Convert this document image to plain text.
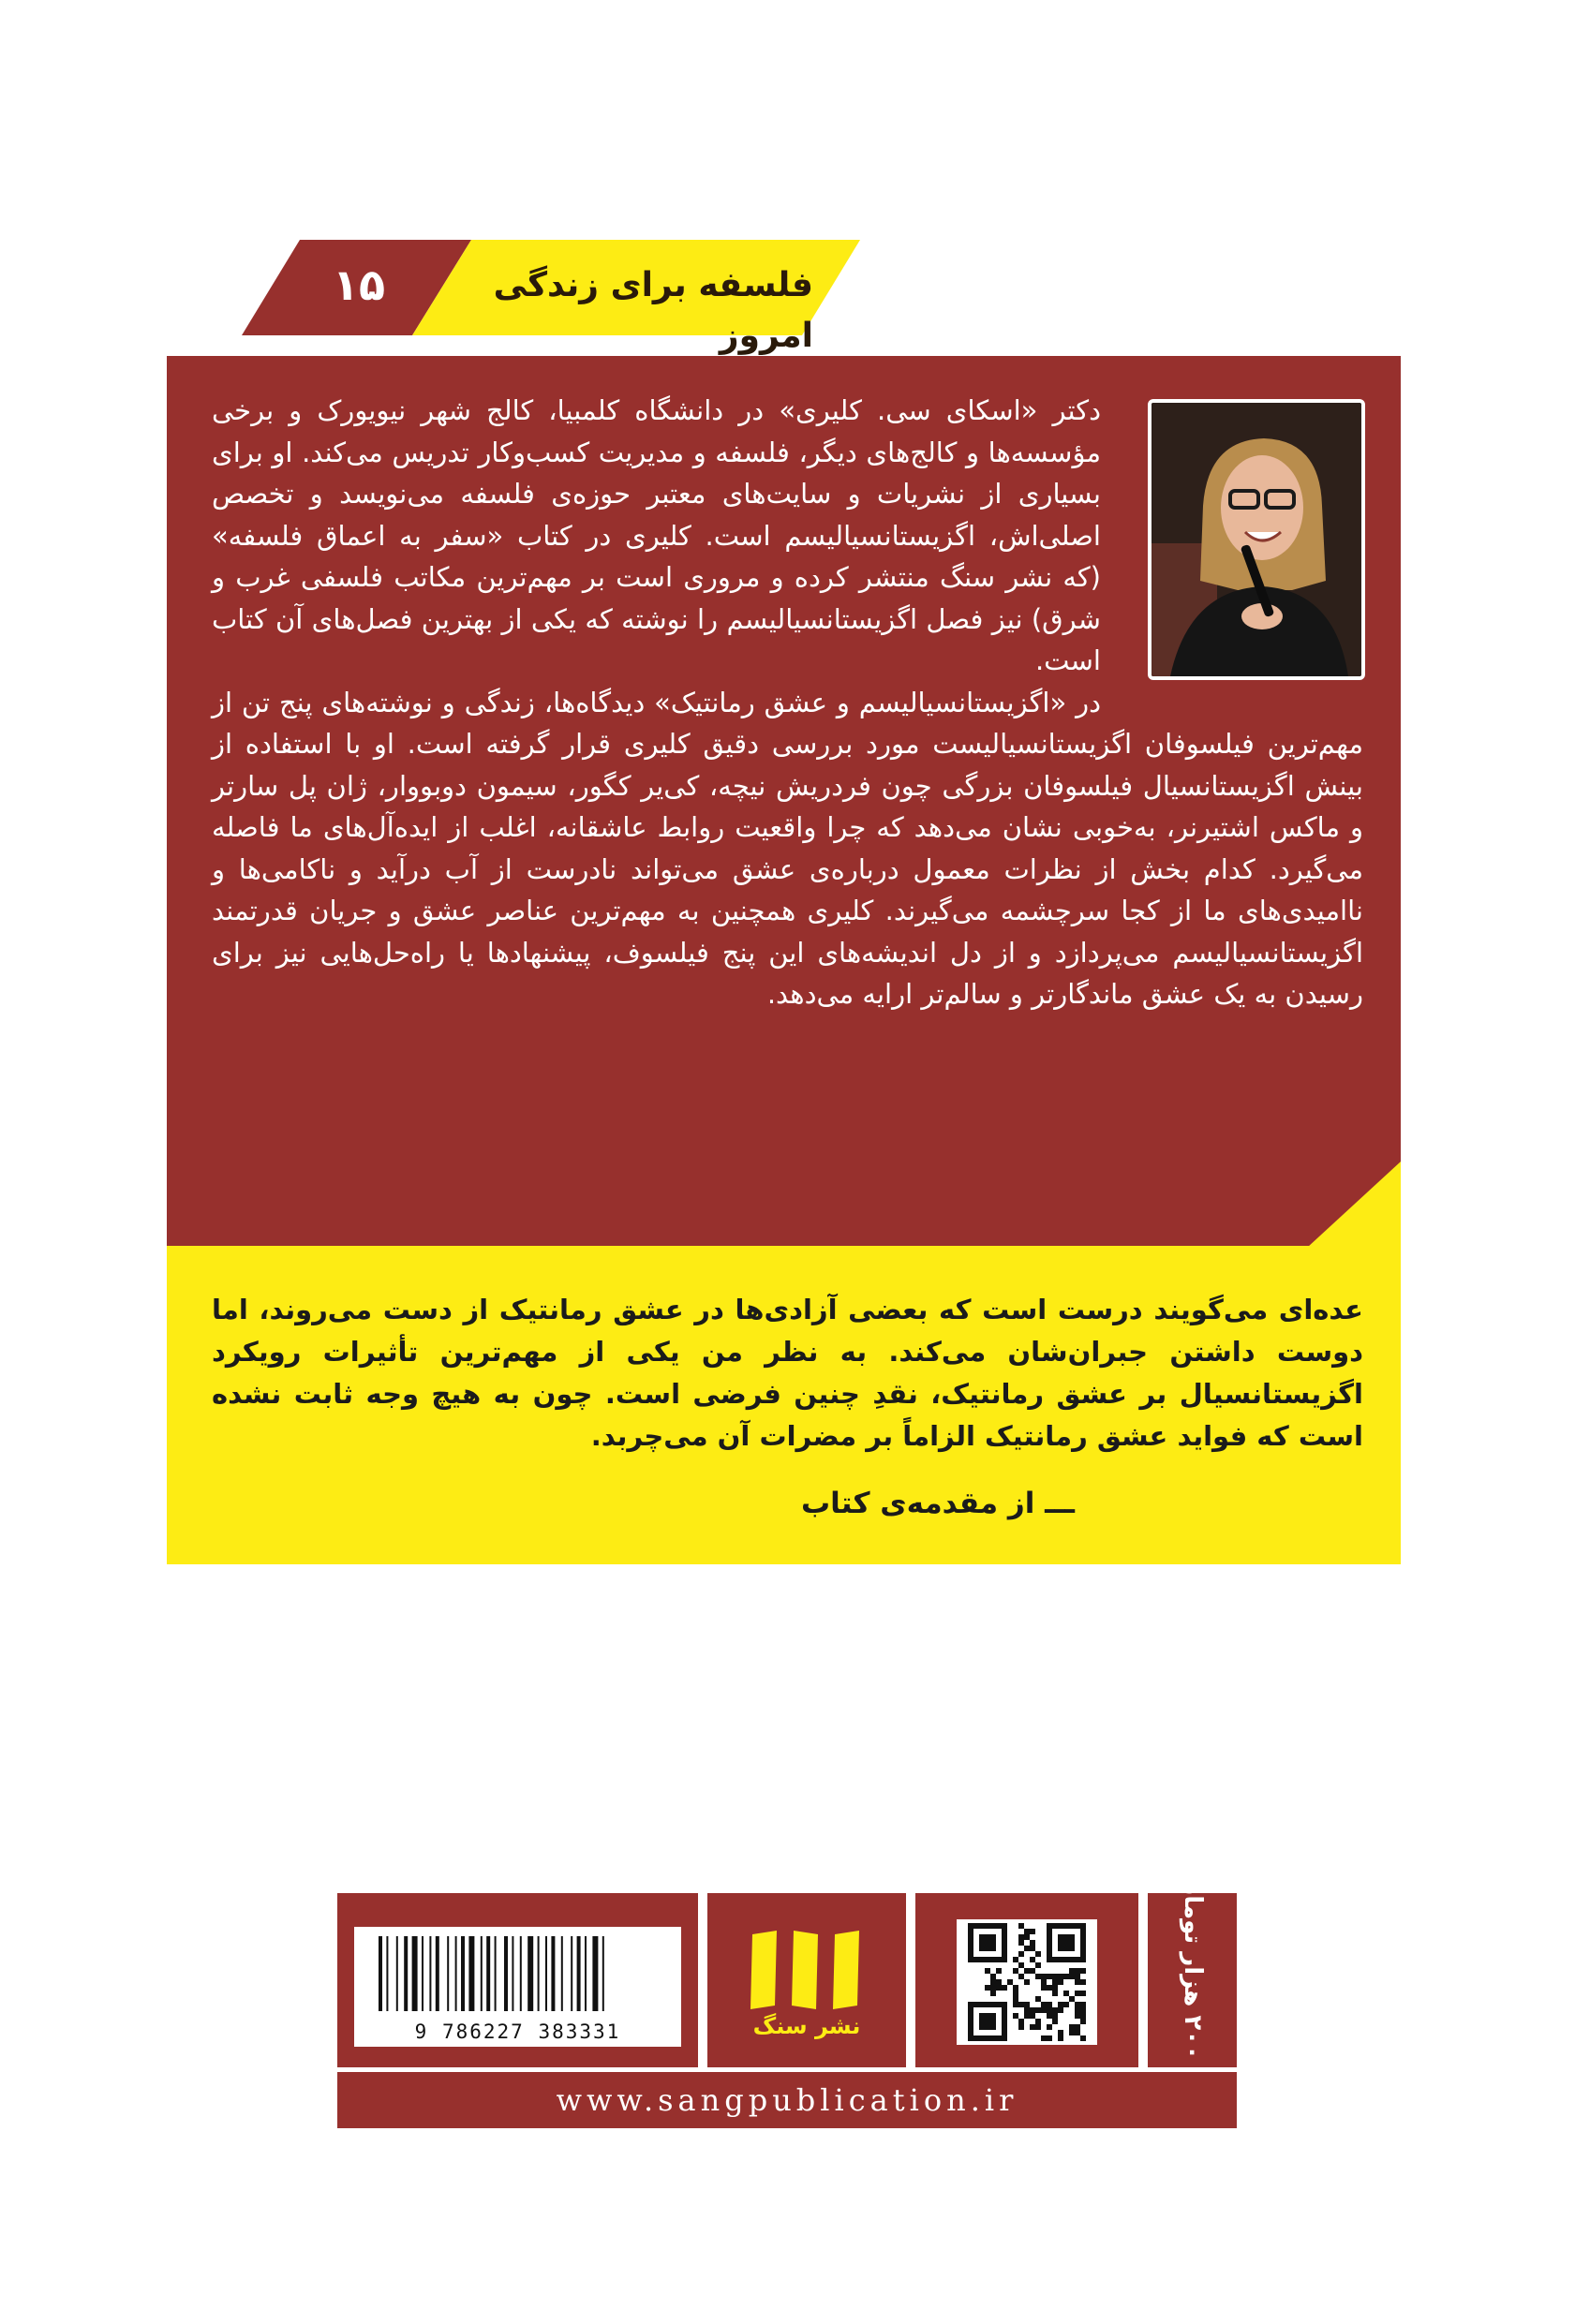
۱۵	فلسفه برای زندگی امروز

دکتر «اسکای سی. کلیری» در دانشگاه کلمبیا، کالج شهر نیویورک و برخی مؤسسه‌ها و کالج‌های دیگر، فلسفه و مدیریت کسب‌وکار تدریس می‌کند. او برای بسیاری از نشریات و سایت‌های معتبر حوزه‌ی فلسفه می‌نویسد و تخصص اصلی‌اش، اگزیستانسیالیسم است. کلیری در کتاب «سفر به اعماق فلسفه» (که نشر سنگ منتشر کرده و مروری است بر مهم‌ترین مکاتب فلسفی غرب و شرق) نیز فصل اگزیستانسیالیسم را نوشته که یکی از بهترین فصل‌های آن کتاب است.

در «اگزیستانسیالیسم و عشق رمانتیک» دیدگاه‌ها، زندگی و نوشته‌های پنج تن از مهم‌ترین فیلسوفان اگزیستانسیالیست مورد بررسی دقیق کلیری قرار گرفته است. او با استفاده از بینش اگزیستانسیال فیلسوفان بزرگی چون فردریش نیچه، کی‌یر کگور، سیمون دوبووار، ژان پل سارتر و ماکس اشتیرنر، به‌خوبی نشان می‌دهد که چرا واقعیت روابط عاشقانه، اغلب از ایده‌آل‌های ما فاصله می‌گیرد. کدام بخش از نظرات معمول درباره‌ی عشق می‌تواند نادرست از آب درآید و ناکامی‌ها و ناامیدی‌های ما از کجا سرچشمه می‌گیرند. کلیری همچنین به مهم‌ترین عناصر عشق و جریان قدرتمند اگزیستانسیالیسم می‌پردازد و از دل اندیشه‌های این پنج فیلسوف، پیشنهادها یا راه‌حل‌هایی نیز برای رسیدن به یک عشق ماندگارتر و سالم‌تر ارایه می‌دهد.

عده‌ای می‌گویند درست است که بعضی آزادی‌ها در عشق رمانتیک از دست می‌روند، اما دوست داشتن جبران‌شان می‌کند. به نظر من یکی از مهم‌ترین تأثیرات رویکرد اگزیستانسیال بر عشق رمانتیک، نقدِ چنین فرضی است. چون به هیچ وجه ثابت نشده است که فواید عشق رمانتیک الزاماً بر مضرات آن می‌چربد.
ـــ از مقدمه‌ی کتاب
9 786227 383331	نشر سنگ
۲۰۰ هزار تومان
www.sangpublication.ir
